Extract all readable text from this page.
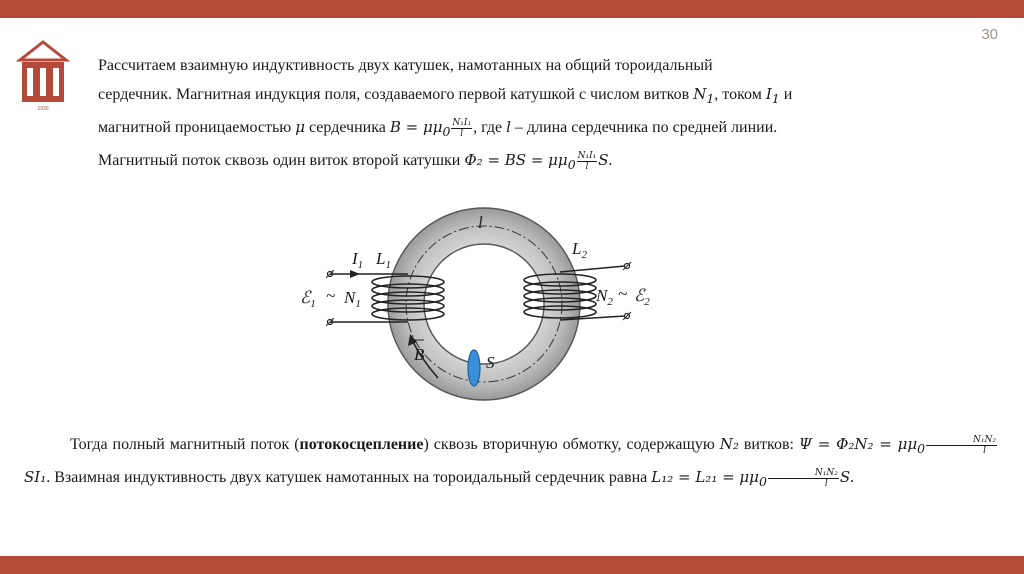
30
СИБГАСУ
1930
Рассчитаем взаимную индуктивность двух катушек, намотанных на общий тороидальный
сердечник. Магнитная индукция поля, создаваемого первой катушкой с числом витков $N_1$, током $I_1$ и
магнитной проницаемостью μ сердечника $B = \mu\mu_0 \frac{\text{N₁I₁}}{l}$ , где l – длина сердечника по средней линии.
Магнитный поток сквозь один виток второй катушки Φ₂ = BS = $\mu\mu_0 \frac{\text{N₁I₁}}{l} S$.
l
$I_1$ $L_1$
$L_2$
ℰ$_1$ ~ $N_1$	$N_2$ ~ ℰ$_2$
B	S
Тогда полный магнитный поток (потокосцепление) сквозь вторичную обмотку, содержащую N₂ витков: $\Psi = \Phi_2N_2 = \mu\mu_0 \frac{\text{N₁N₂}}{l}$
SI₁. Взаимная индуктивность двух катушек намотанных на тороидальный сердечник равна $L_{12} = L_{21} = \mu\mu_0 \frac{\text{N₁N₂}}{l} S$.
